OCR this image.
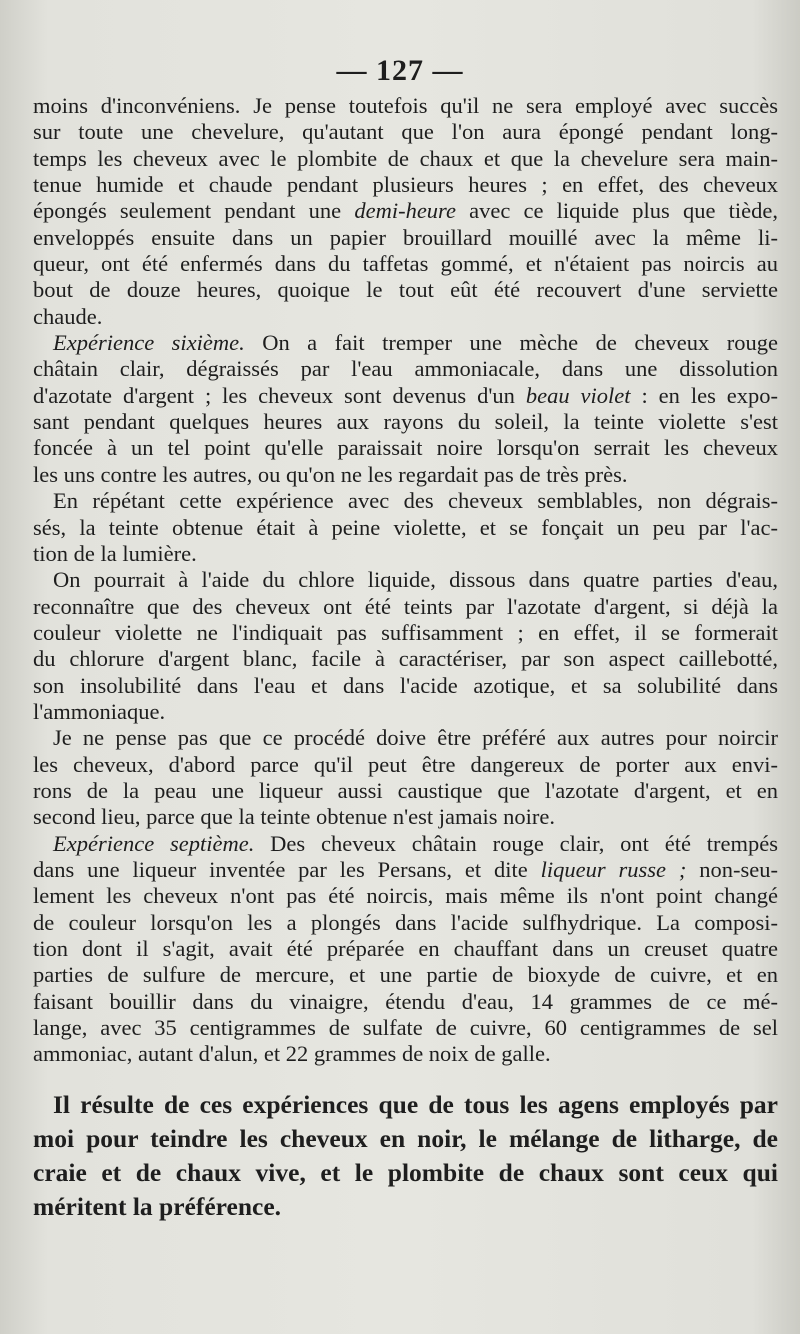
— 127 —
moins d'inconvéniens. Je pense toutefois qu'il ne sera employé avec succès
sur toute une chevelure, qu'autant que l'on aura épongé pendant long-
temps les cheveux avec le plombite de chaux et que la chevelure sera main-
tenue humide et chaude pendant plusieurs heures ; en effet, des cheveux
épongés seulement pendant une demi-heure avec ce liquide plus que tiède,
enveloppés ensuite dans un papier brouillard mouillé avec la même li-
queur, ont été enfermés dans du taffetas gommé, et n'étaient pas noircis au
bout de douze heures, quoique le tout eût été recouvert d'une serviette
chaude.
Expérience sixième. On a fait tremper une mèche de cheveux rouge
châtain clair, dégraissés par l'eau ammoniacale, dans une dissolution
d'azotate d'argent ; les cheveux sont devenus d'un beau violet : en les expo-
sant pendant quelques heures aux rayons du soleil, la teinte violette s'est
foncée à un tel point qu'elle paraissait noire lorsqu'on serrait les cheveux
les uns contre les autres, ou qu'on ne les regardait pas de très près.
En répétant cette expérience avec des cheveux semblables, non dégrais-
sés, la teinte obtenue était à peine violette, et se fonçait un peu par l'ac-
tion de la lumière.
On pourrait à l'aide du chlore liquide, dissous dans quatre parties d'eau,
reconnaître que des cheveux ont été teints par l'azotate d'argent, si déjà la
couleur violette ne l'indiquait pas suffisamment ; en effet, il se formerait
du chlorure d'argent blanc, facile à caractériser, par son aspect caillebotté,
son insolubilité dans l'eau et dans l'acide azotique, et sa solubilité dans
l'ammoniaque.
Je ne pense pas que ce procédé doive être préféré aux autres pour noircir
les cheveux, d'abord parce qu'il peut être dangereux de porter aux envi-
rons de la peau une liqueur aussi caustique que l'azotate d'argent, et en
second lieu, parce que la teinte obtenue n'est jamais noire.
Expérience septième. Des cheveux châtain rouge clair, ont été trempés
dans une liqueur inventée par les Persans, et dite liqueur russe ; non-seu-
lement les cheveux n'ont pas été noircis, mais même ils n'ont point changé
de couleur lorsqu'on les a plongés dans l'acide sulfhydrique. La composi-
tion dont il s'agit, avait été préparée en chauffant dans un creuset quatre
parties de sulfure de mercure, et une partie de bioxyde de cuivre, et en
faisant bouillir dans du vinaigre, étendu d'eau, 14 grammes de ce mé-
lange, avec 35 centigrammes de sulfate de cuivre, 60 centigrammes de sel
ammoniac, autant d'alun, et 22 grammes de noix de galle.
Il résulte de ces expériences que de tous les agens employés par
moi pour teindre les cheveux en noir, le mélange de litharge, de
craie et de chaux vive, et le plombite de chaux sont ceux qui
méritent la préférence.
